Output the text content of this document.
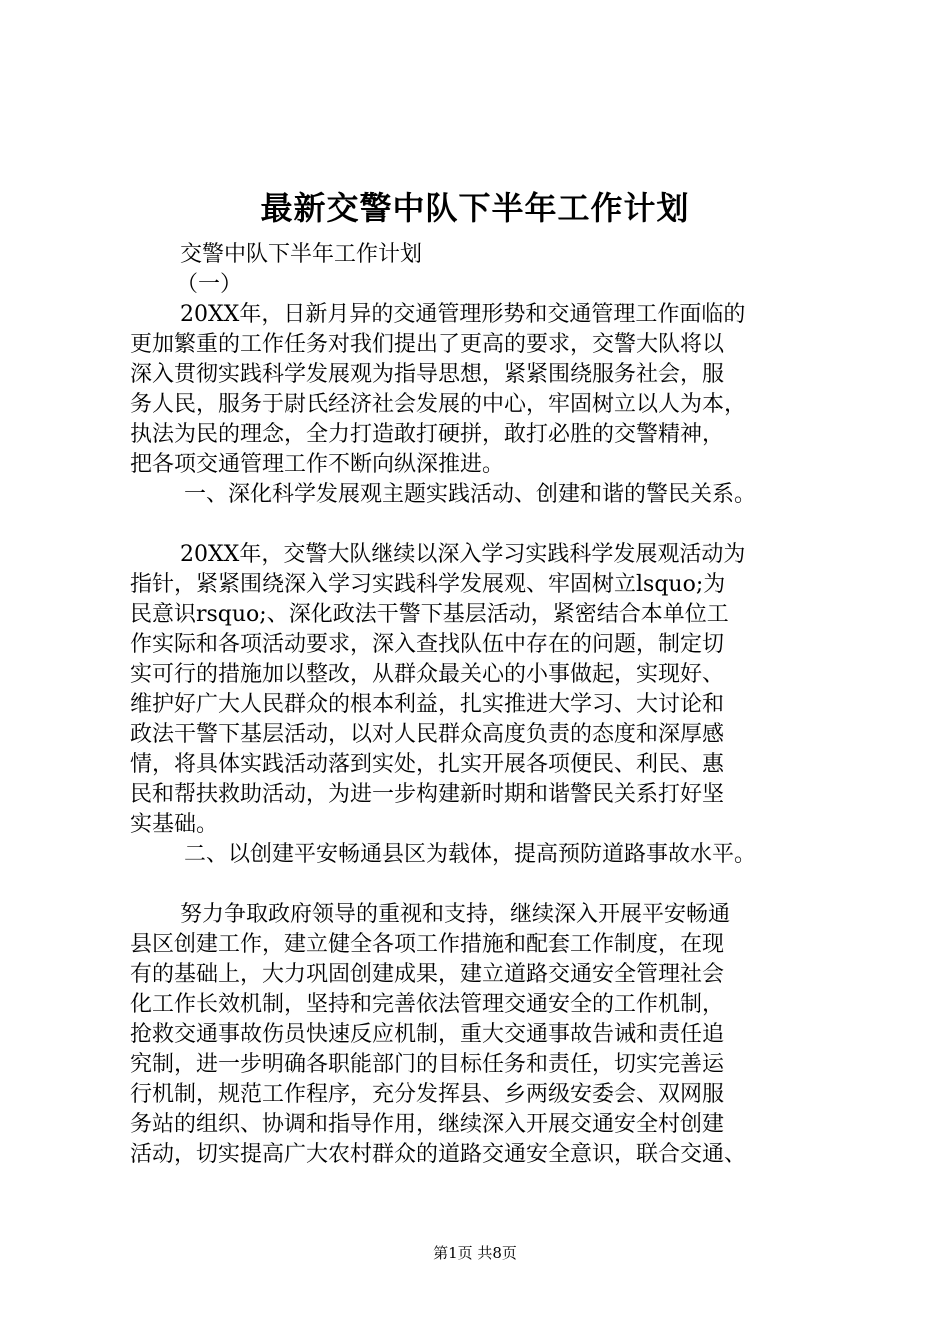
最新交警中队下半年工作计划
交警中队下半年工作计划
（一）
20XX年，日新月异的交通管理形势和交通管理工作面临的
更加繁重的工作任务对我们提出了更高的要求，交警大队将以
深入贯彻实践科学发展观为指导思想，紧紧围绕服务社会，服
务人民，服务于尉氏经济社会发展的中心，牢固树立以人为本，
执法为民的理念，全力打造敢打硬拼，敢打必胜的交警精神，
把各项交通管理工作不断向纵深推进。
一、深化科学发展观主题实践活动、创建和谐的警民关系。
20XX年，交警大队继续以深入学习实践科学发展观活动为
指针，紧紧围绕深入学习实践科学发展观、牢固树立lsquo;为
民意识rsquo;、深化政法干警下基层活动，紧密结合本单位工
作实际和各项活动要求，深入查找队伍中存在的问题，制定切
实可行的措施加以整改，从群众最关心的小事做起，实现好、
维护好广大人民群众的根本利益，扎实推进大学习、大讨论和
政法干警下基层活动，以对人民群众高度负责的态度和深厚感
情，将具体实践活动落到实处，扎实开展各项便民、利民、惠
民和帮扶救助活动，为进一步构建新时期和谐警民关系打好坚
实基础。
二、以创建平安畅通县区为载体，提高预防道路事故水平。
努力争取政府领导的重视和支持，继续深入开展平安畅通
县区创建工作，建立健全各项工作措施和配套工作制度，在现
有的基础上，大力巩固创建成果，建立道路交通安全管理社会
化工作长效机制，坚持和完善依法管理交通安全的工作机制，
抢救交通事故伤员快速反应机制，重大交通事故告诫和责任追
究制，进一步明确各职能部门的目标任务和责任，切实完善运
行机制，规范工作程序，充分发挥县、乡两级安委会、双网服
务站的组织、协调和指导作用，继续深入开展交通安全村创建
活动，切实提高广大农村群众的道路交通安全意识，联合交通、
第1页 共8页
